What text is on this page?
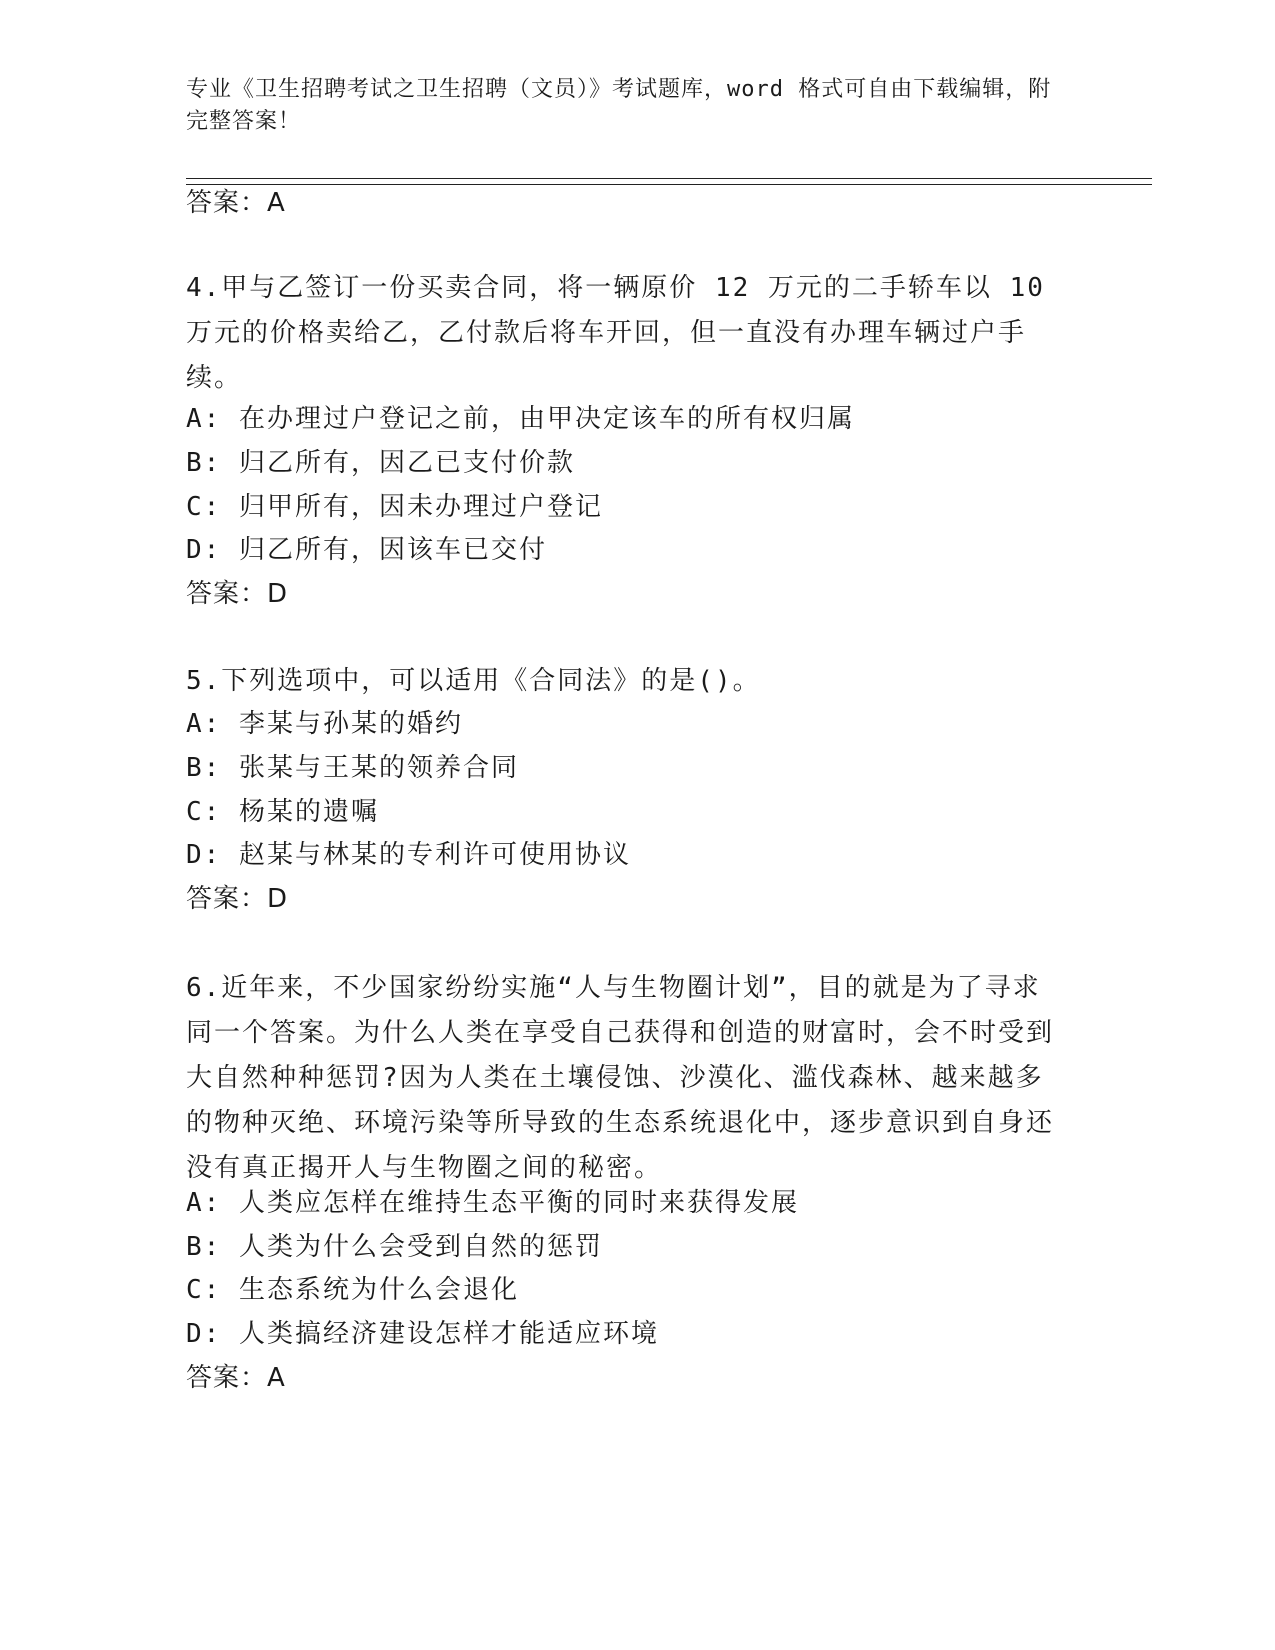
专业《卫生招聘考试之卫生招聘（文员）》考试题库，word 格式可自由下载编辑，附完整答案！
答案：A
4.甲与乙签订一份买卖合同，将一辆原价 12 万元的二手轿车以 10 万元的价格卖给乙，乙付款后将车开回，但一直没有办理车辆过户手续。
A: 在办理过户登记之前，由甲决定该车的所有权归属
B: 归乙所有，因乙已支付价款
C: 归甲所有，因未办理过户登记
D: 归乙所有，因该车已交付
答案：D
5.下列选项中，可以适用《合同法》的是()。
A: 李某与孙某的婚约
B: 张某与王某的领养合同
C: 杨某的遗嘱
D: 赵某与林某的专利许可使用协议
答案：D
6.近年来，不少国家纷纷实施“人与生物圈计划”，目的就是为了寻求同一个答案。为什么人类在享受自己获得和创造的财富时，会不时受到大自然种种惩罚?因为人类在土壤侵蚀、沙漠化、滥伐森林、越来越多的物种灭绝、环境污染等所导致的生态系统退化中，逐步意识到自身还没有真正揭开人与生物圈之间的秘密。
A: 人类应怎样在维持生态平衡的同时来获得发展
B: 人类为什么会受到自然的惩罚
C: 生态系统为什么会退化
D: 人类搞经济建设怎样才能适应环境
答案：A
